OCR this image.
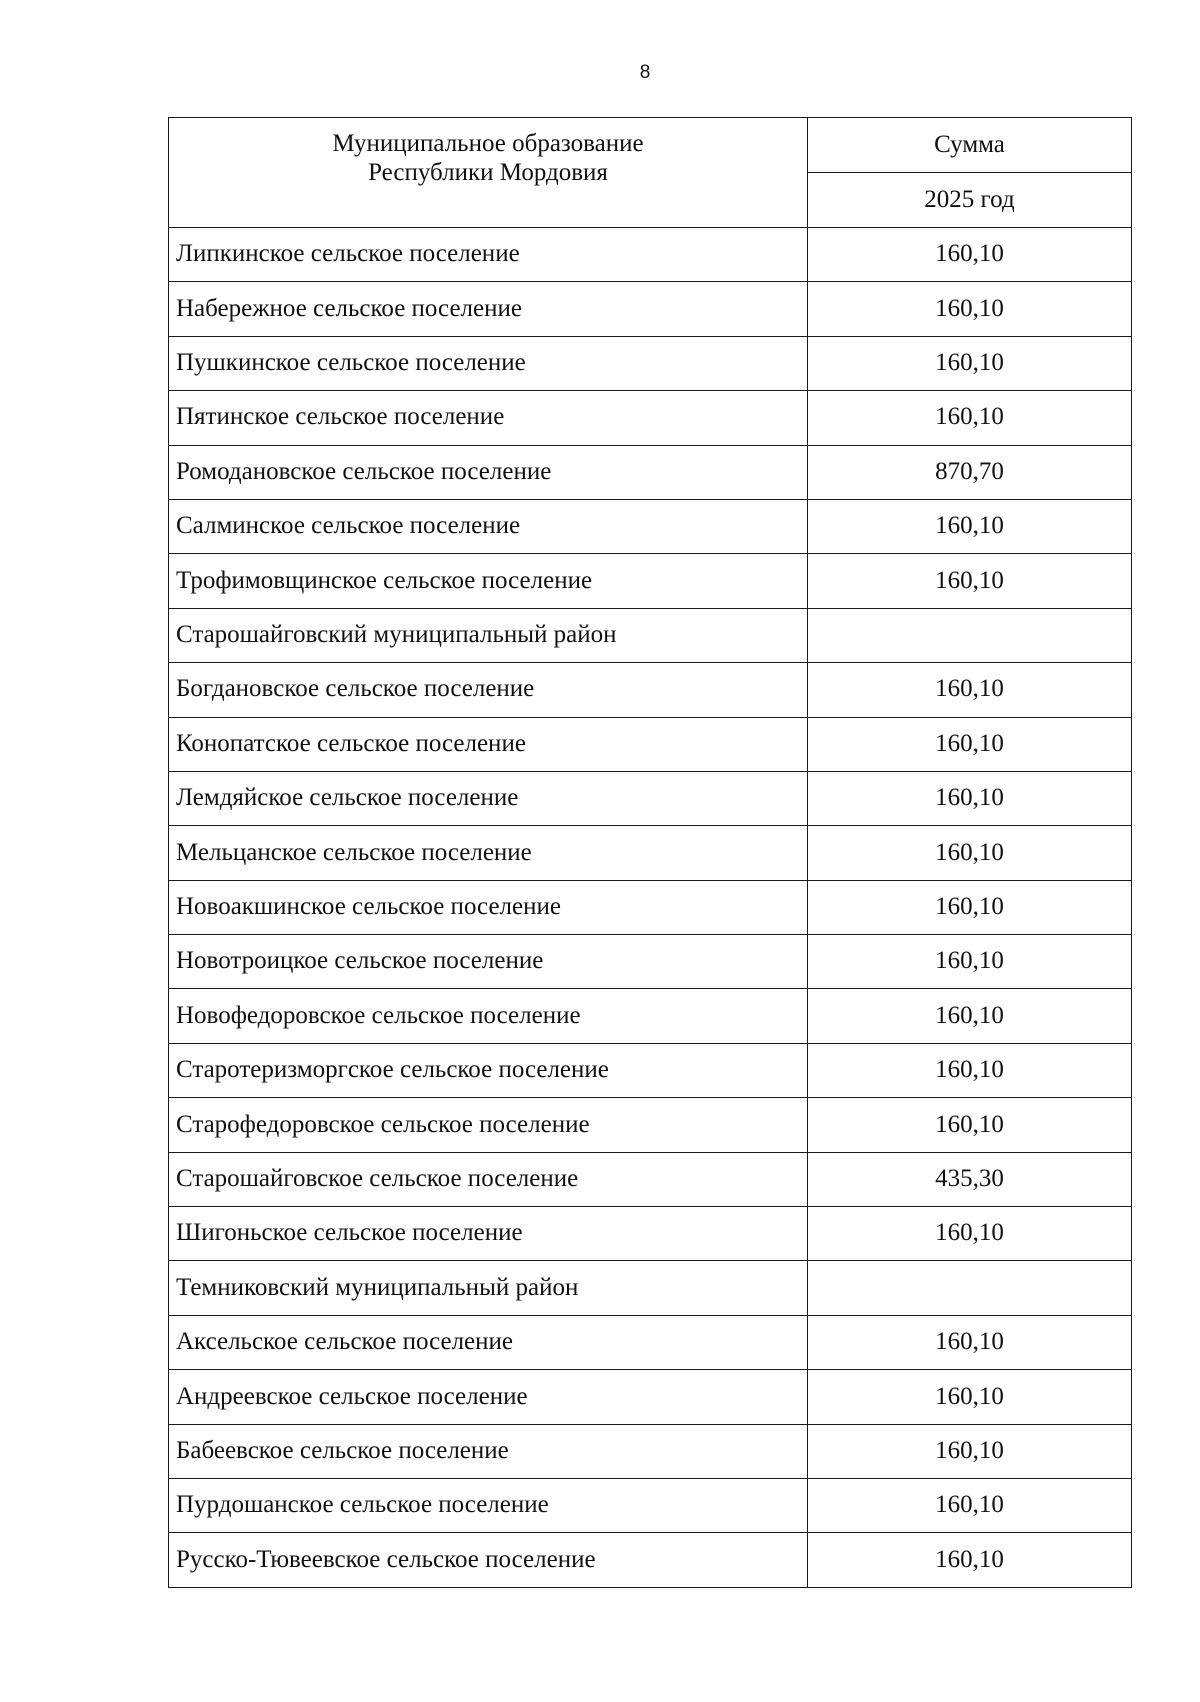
8
Муниципальное образование
Республики Мордовия	Сумма
	2025 год
Липкинское сельское поселение	160,10
Набережное сельское поселение	160,10
Пушкинское сельское поселение	160,10
Пятинское сельское поселение	160,10
Ромодановское сельское поселение	870,70
Салминское сельское поселение	160,10
Трофимовщинское сельское поселение	160,10
Старошайговский муниципальный район	
Богдановское сельское поселение	160,10
Конопатское сельское поселение	160,10
Лемдяйское сельское поселение	160,10
Мельцанское сельское поселение	160,10
Новоакшинское сельское поселение	160,10
Новотроицкое сельское поселение	160,10
Новофедоровское сельское поселение	160,10
Старотеризморгское сельское поселение	160,10
Старофедоровское сельское поселение	160,10
Старошайговское сельское поселение	435,30
Шигоньское сельское поселение	160,10
Темниковский муниципальный район	
Аксельское сельское поселение	160,10
Андреевское сельское поселение	160,10
Бабеевское сельское поселение	160,10
Пурдошанское сельское поселение	160,10
Русско-Тювеевское сельское поселение	160,10
